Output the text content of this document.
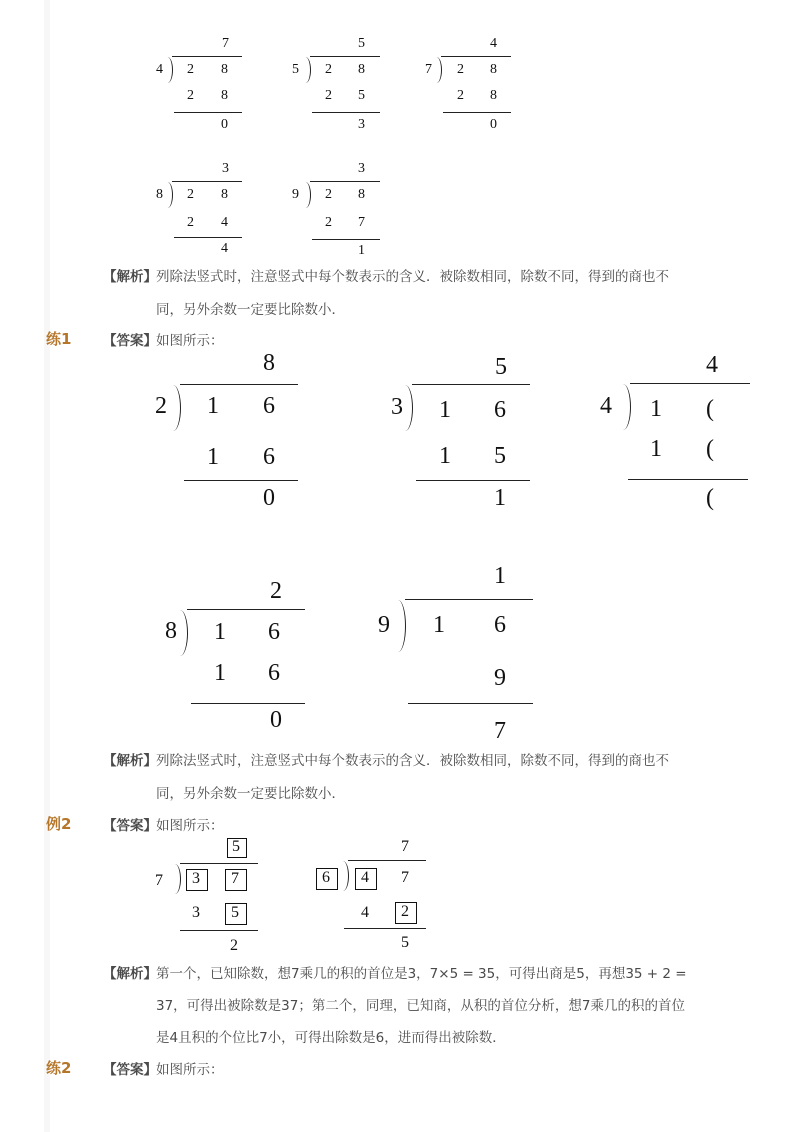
7
4 2 8
2 8
0
5
5 2 8
2 5
3
4
7 2 8
2 8
0
3
8 2 8
2 4
4
3
9 2 8
2 7
1
【解析】 列除法竖式时，注意竖式中每个数表示的含义．被除数相同，除数不同，得到的商也不
同，另外余数一定要比除数小．
练1 【答案】 如图所示：
8
2 1 6
1 6
0
5
3 1 6
1 5
1
4
4 1 (
1 (
(
2
8 1 6
1 6
0
1
9 1 6
9
7
【解析】 列除法竖式时，注意竖式中每个数表示的含义．被除数相同，除数不同，得到的商也不
同，另外余数一定要比除数小．
例2 【答案】 如图所示：
5
7 3 7
3 5
2
7
6 4 7
4 2
5
【解析】 第一个，已知除数，想7乘几的积的首位是3，7×5 = 35，可得出商是5，再想35 + 2 =
37，可得出被除数是37；第二个，同理，已知商，从积的首位分析，想7乘几的积的首位
是4且积的个位比7小，可得出除数是6，进而得出被除数．
练2 【答案】 如图所示：
